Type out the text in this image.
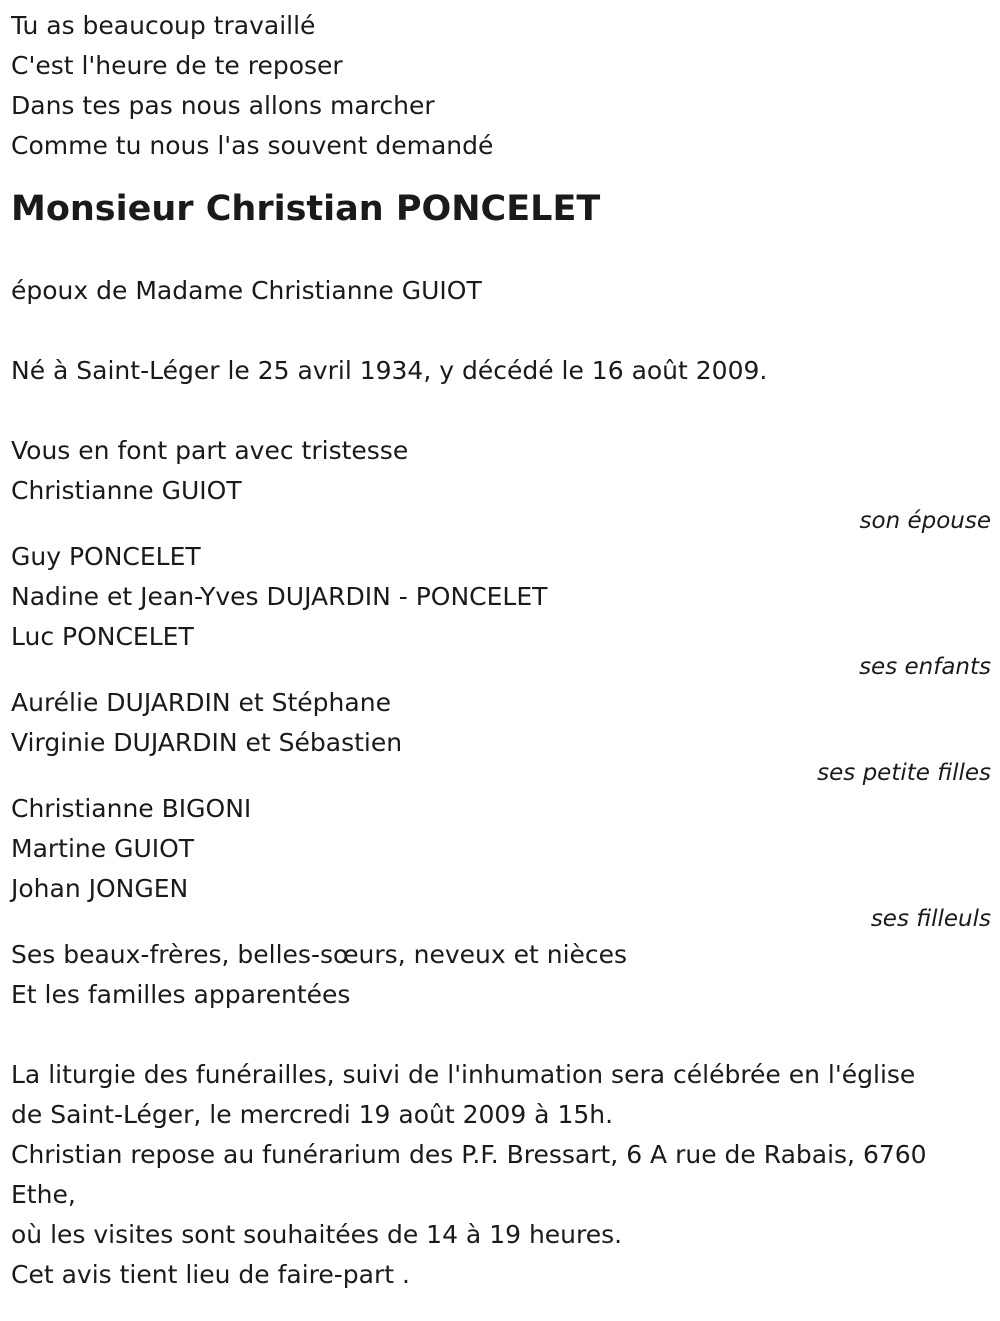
Tu as beaucoup travaillé
C'est l'heure de te reposer
Dans tes pas nous allons marcher
Comme tu nous l'as souvent demandé
Monsieur Christian PONCELET
époux de Madame Christianne GUIOT
Né à Saint-Léger le 25 avril 1934, y décédé le 16 août 2009.
Vous en font part avec tristesse
Christianne GUIOT
son épouse
Guy PONCELET
Nadine et Jean-Yves DUJARDIN - PONCELET
Luc PONCELET
ses enfants
Aurélie DUJARDIN et Stéphane
Virginie DUJARDIN et Sébastien
ses petite filles
Christianne BIGONI
Martine GUIOT
Johan JONGEN
ses filleuls
Ses beaux-frères, belles-sœurs, neveux et nièces
Et les familles apparentées
La liturgie des funérailles, suivi de l'inhumation sera célébrée en l'église
de Saint-Léger, le mercredi 19 août 2009 à 15h.
Christian repose au funérarium des P.F. Bressart, 6 A rue de Rabais, 6760
Ethe,
où les visites sont souhaitées de 14 à 19 heures.
Cet avis tient lieu de faire-part .
